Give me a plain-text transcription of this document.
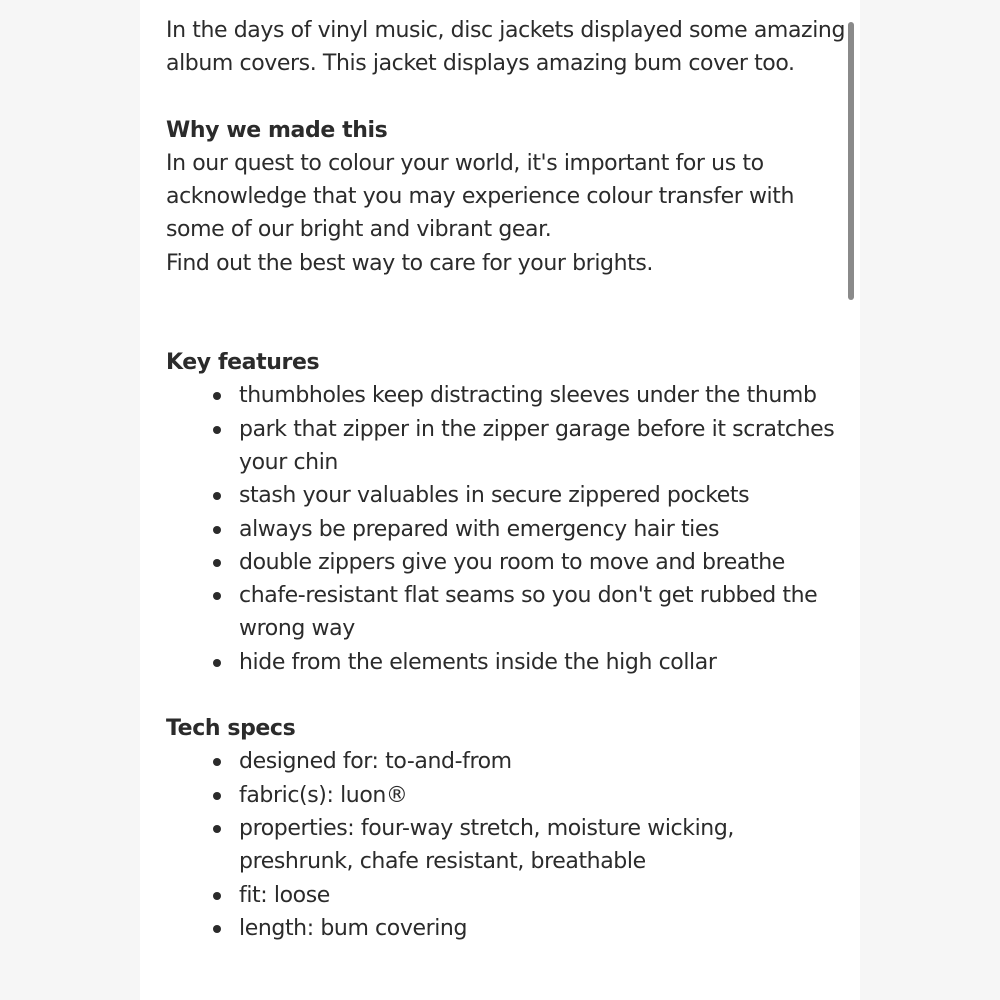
In the days of vinyl music, disc jackets displayed some amazing album covers. This jacket displays amazing bum cover too.

Why we made this

In our quest to colour your world, it's important for us to acknowledge that you may experience colour transfer with some of our bright and vibrant gear.

Find out the best way to care for your brights.

Key features

thumbholes keep distracting sleeves under the thumb
park that zipper in the zipper garage before it scratches your chin
stash your valuables in secure zippered pockets
always be prepared with emergency hair ties
double zippers give you room to move and breathe
chafe-resistant flat seams so you don't get rubbed the wrong way
hide from the elements inside the high collar

Tech specs

designed for: to-and-from
fabric(s): luon®
properties: four-way stretch, moisture wicking, preshrunk, chafe resistant, breathable
fit: loose
length: bum covering
